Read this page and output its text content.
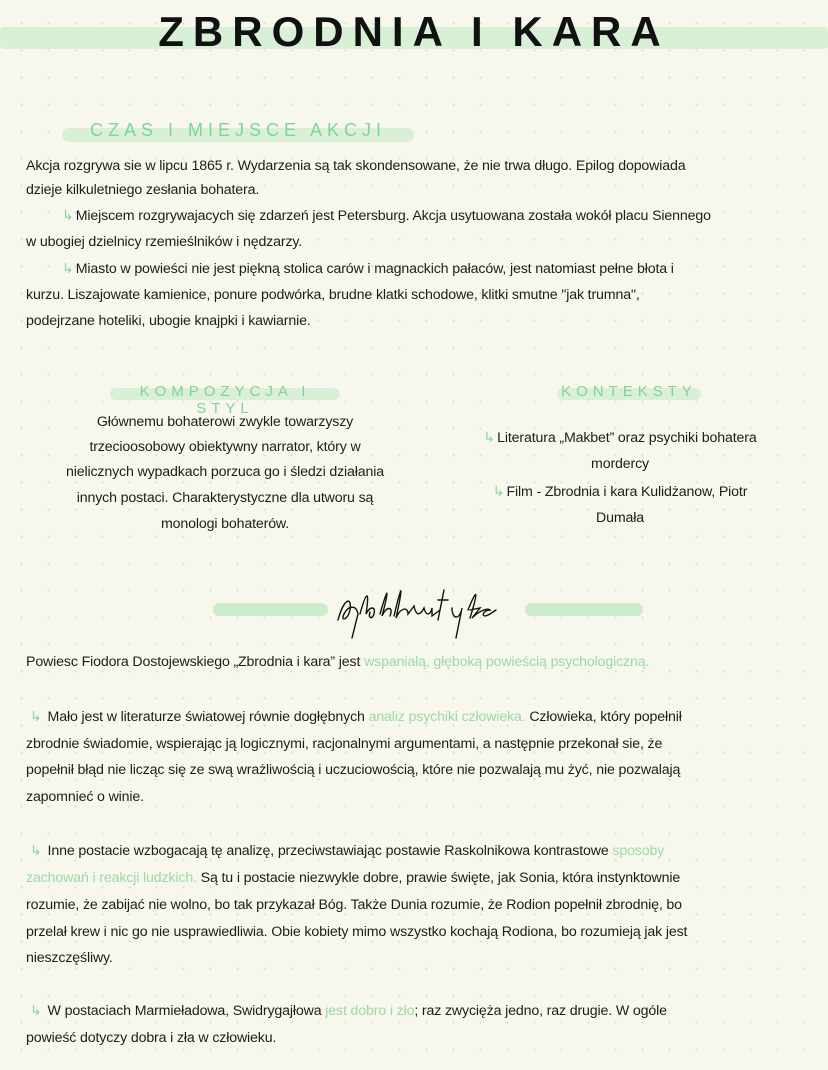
ZBRODNIA I KARA
CZAS I MIEJSCE AKCJI
KOMPOZYCJA I STYL
KONTEKSTY
Akcja rozgrywa sie w lipcu 1865 r. Wydarzenia są tak skondensowane, że nie trwa długo. Epilog dopowiada
dzieje kilkuletniego zesłania bohatera.
↳ Miejscem rozgrywajacych się zdarzeń jest Petersburg. Akcja usytuowana została wokół placu Siennego
w ubogiej dzielnicy rzemieślników i nędzarzy.
↳ Miasto w powieści nie jest piękną stolica carów i magnackich pałaców, jest natomiast pełne błota i
kurzu. Liszajowate kamienice, ponure podwórka, brudne klatki schodowe, klitki smutne "jak trumna",
podejrzane hoteliki, ubogie knajpki i kawiarnie.
Głównemu bohaterowi zwykle towarzyszy
trzecioosobowy obiektywny narrator, który w
nielicznych wypadkach porzuca go i śledzi działania
innych postaci. Charakterystyczne dla utworu są
monologi bohaterów.
↳ Literatura „Makbet” oraz psychiki bohatera
mordercy
↳ Film - Zbrodnia i kara Kulidżanow, Piotr
Dumała
Powiesc Fiodora Dostojewskiego „Zbrodnia i kara” jest wspaniałą, głęboką powieścią psychologiczną.
↳ Mało jest w literaturze światowej równie dogłębnych analiz psychiki człowieka. Człowieka, który popełnił
zbrodnie świadomie, wspierając ją logicznymi, racjonalnymi argumentami, a następnie przekonał sie, że
popełnił błąd nie licząc się ze swą wrażliwością i uczuciowością, które nie pozwalają mu żyć, nie pozwalają
zapomnieć o winie.
↳ Inne postacie wzbogacają tę analizę, przeciwstawiając postawie Raskolnikowa kontrastowe sposoby
zachowań i reakcji ludzkich. Są tu i postacie niezwykle dobre, prawie święte, jak Sonia, która instynktownie
rozumie, że zabijać nie wolno, bo tak przykazał Bóg. Także Dunia rozumie, że Rodion popełnił zbrodnię, bo
przelał krew i nic go nie usprawiedliwia. Obie kobiety mimo wszystko kochają Rodiona, bo rozumieją jak jest
nieszczęśliwy.
↳ W postaciach Marmieładowa, Swidrygajłowa jest dobro i zło; raz zwycięża jedno, raz drugie. W ogóle
powieść dotyczy dobra i zła w człowieku.
